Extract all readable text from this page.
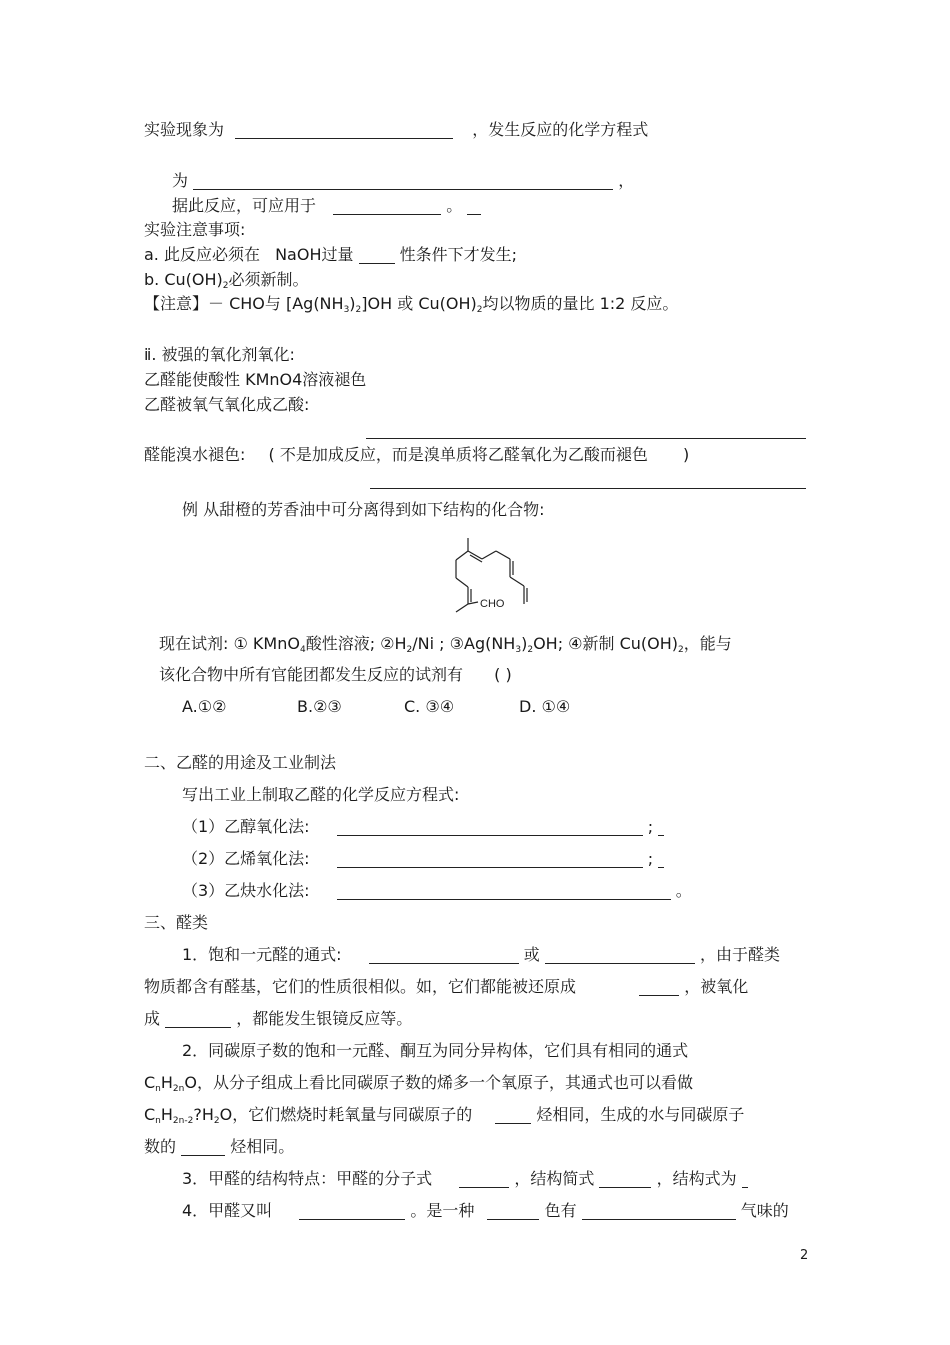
实验现象为	，发生反应的化学方程式
为	，
据此反应，可应用于	。
实验注意事项:
a. 此反应必须在 NaOH过量	性条件下才发生;
b. $Cu(OH)_2$必须新制。
【注意】－ CHO与 $[Ag(NH_3)_2]OH$ 或 $Cu(OH)_2$均以物质的量比 1:2 反应。
ⅱ. 被强的氧化剂氧化:
乙醛能使酸性 KMnO4溶液褪色
乙醛被氧气氧化成乙酸:
醛能溴水褪色: ( 不是加成反应，而是溴单质将乙醛氧化为乙酸而褪色 )
例 从甜橙的芳香油中可分离得到如下结构的化合物:
CHO
现在试剂: ① KMnO$_4$酸性溶液; $②H_2/Ni$ ; $③Ag(NH_3)_2OH$; ④新制 $Cu(OH)_2$，能与
该化合物中所有官能团都发生反应的试剂有 ( )
A.①②	B.②③	C. ③④	D. ①④
二、乙醛的用途及工业制法
写出工业上制取乙醛的化学反应方程式:
（1）乙醇氧化法:	;
（2）乙烯氧化法:	;
（3）乙炔水化法:	。
三、醛类
1．饱和一元醛的通式:	或	，由于醛类
物质都含有醛基，它们的性质很相似。如，它们都能被还原成	，被氧化
成	，都能发生银镜反应等。
2．同碳原子数的饱和一元醛、酮互为同分异构体，它们具有相同的通式
$C_nH_{2n}O$，从分子组成上看比同碳原子数的烯多一个氧原子，其通式也可以看做
$C_nH_{2n-2}?H_2O$，它们燃烧时耗氧量与同碳原子的	烃相同，生成的水与同碳原子
数的	烃相同。
3．甲醛的结构特点：甲醛的分子式	，结构简式	，结构式为
4．甲醛又叫	。是一种	色有	气味的
2
